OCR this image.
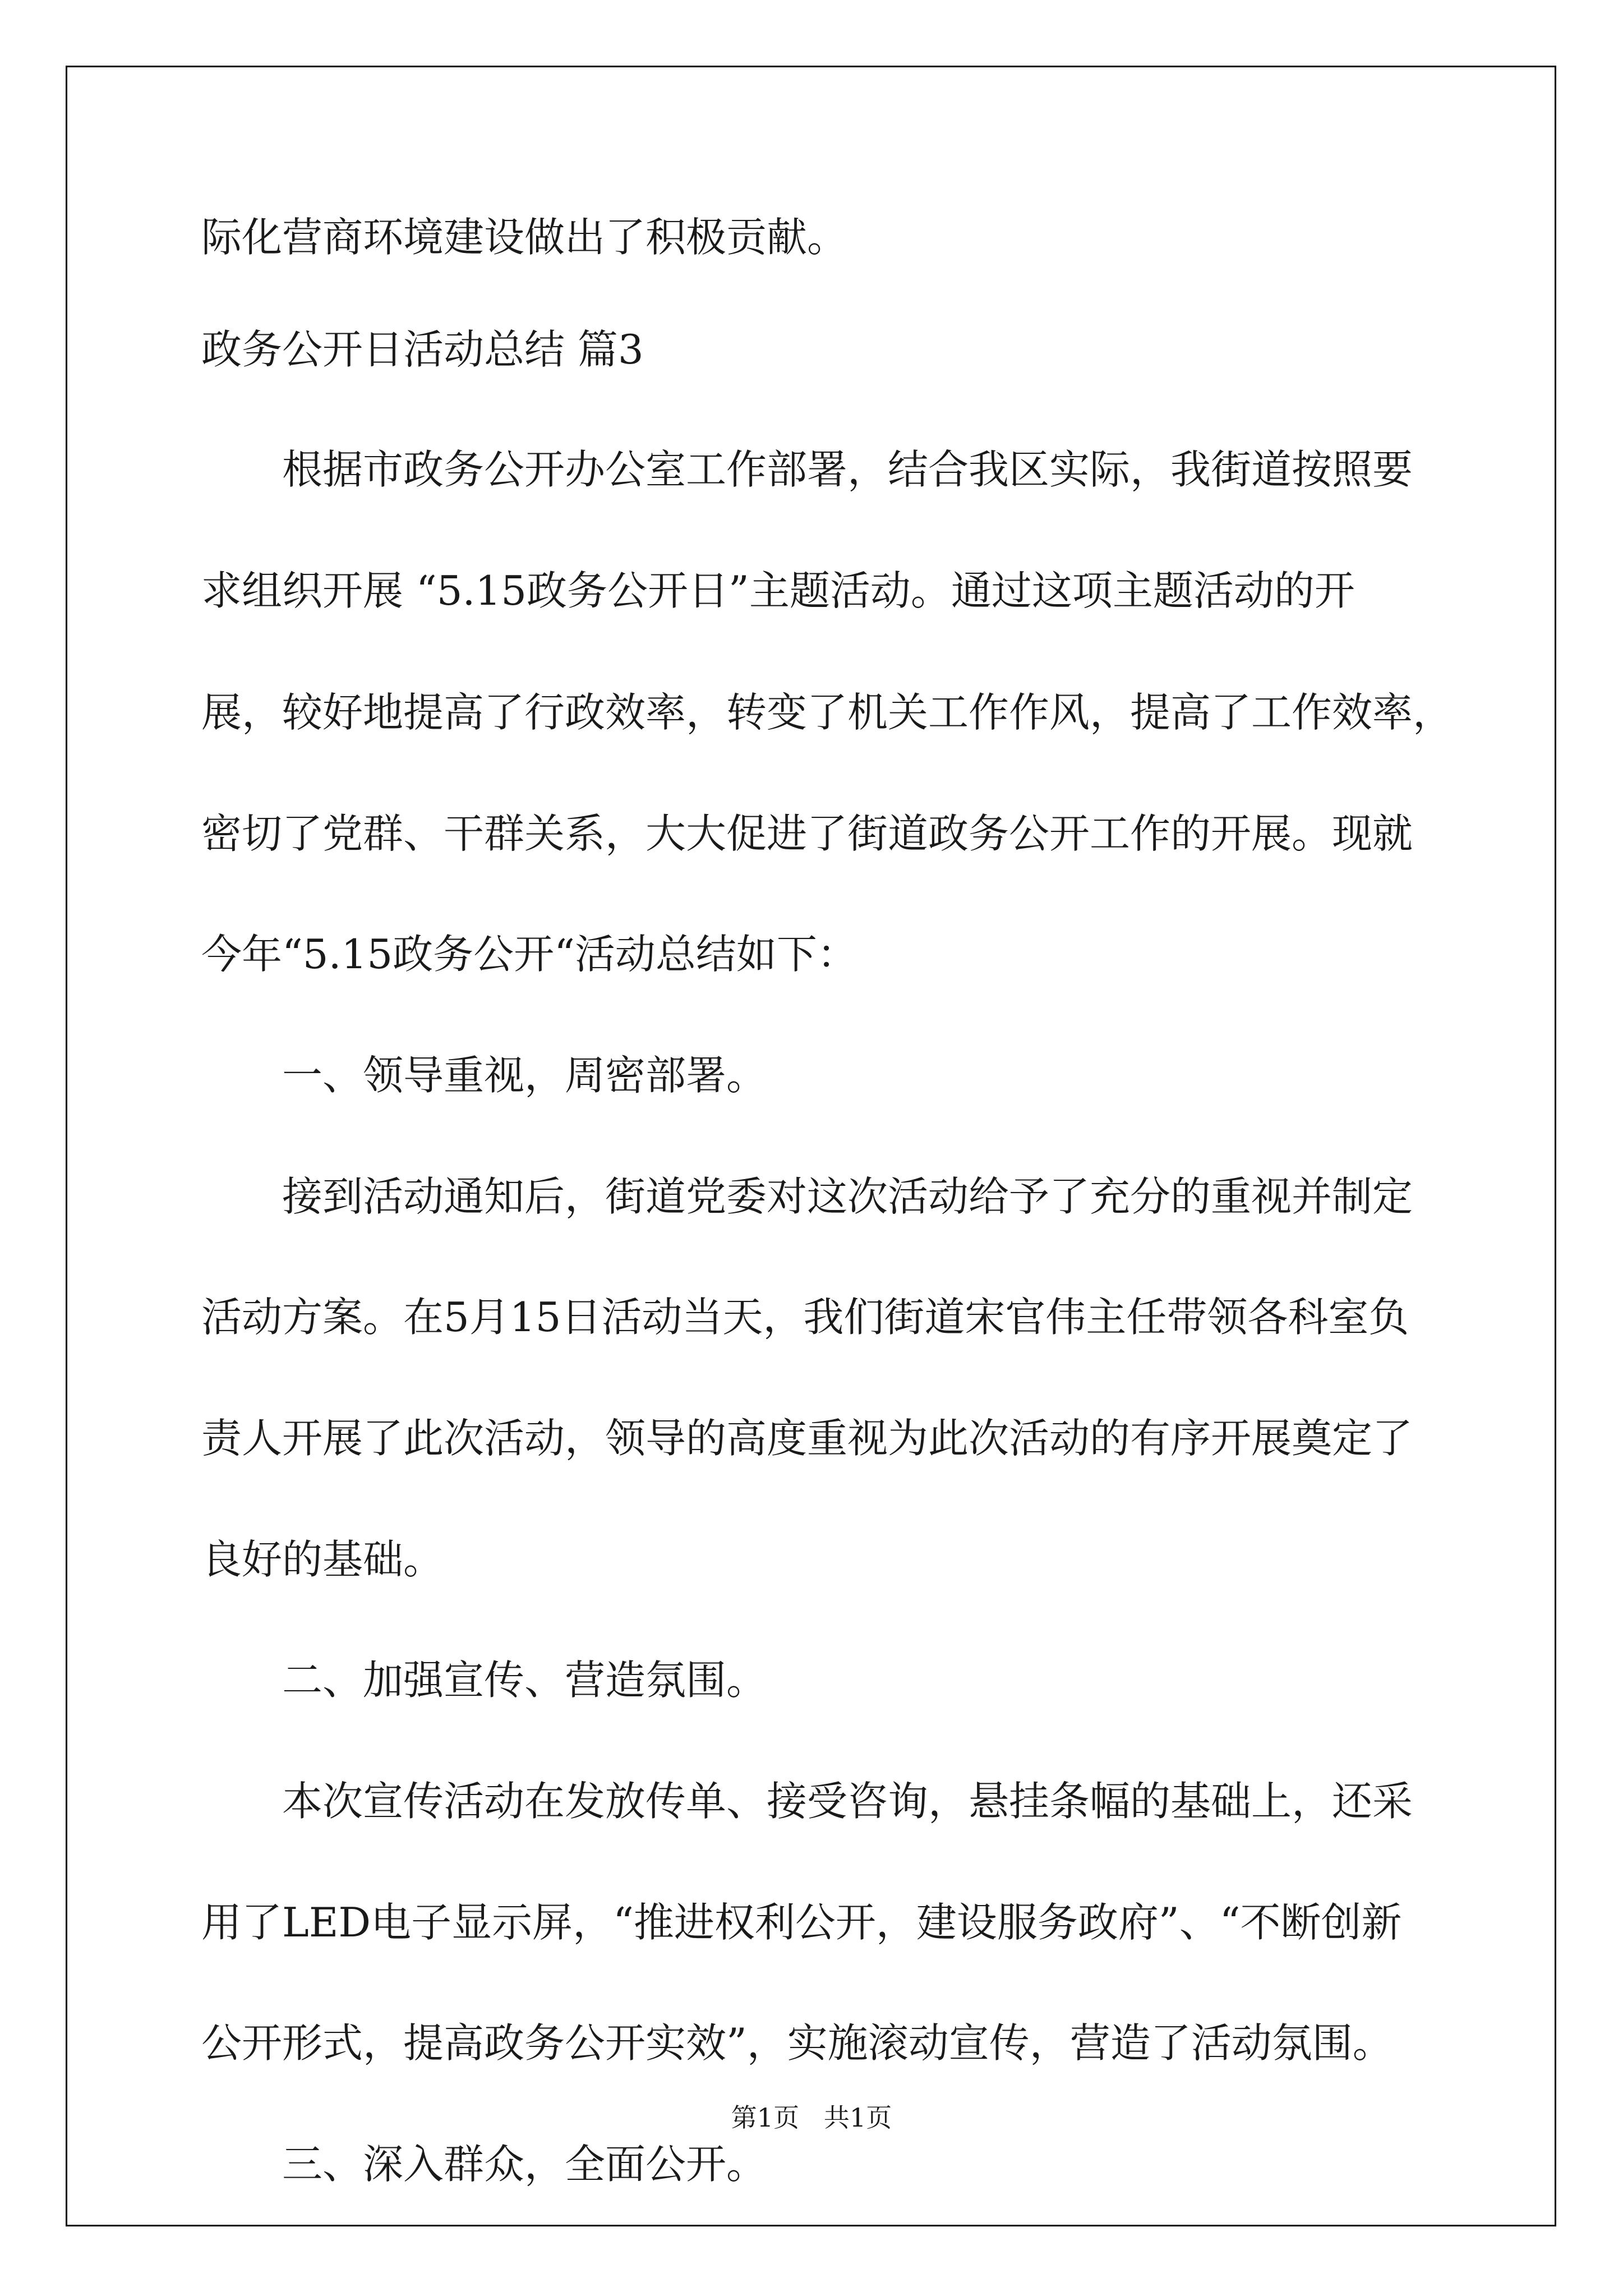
际化营商环境建设做出了积极贡献。
政务公开日活动总结 篇3
根据市政务公开办公室工作部署，结合我区实际，我街道按照要
求组织开展 “5.15政务公开日”主题活动。通过这项主题活动的开
展，较好地提高了行政效率，转变了机关工作作风，提高了工作效率，
密切了党群、干群关系，大大促进了街道政务公开工作的开展。现就
今年“5.15政务公开“活动总结如下：
一、领导重视，周密部署。
接到活动通知后，街道党委对这次活动给予了充分的重视并制定
活动方案。在5月15日活动当天，我们街道宋官伟主任带领各科室负
责人开展了此次活动，领导的高度重视为此次活动的有序开展奠定了
良好的基础。
二、加强宣传、营造氛围。
本次宣传活动在发放传单、接受咨询，悬挂条幅的基础上，还采
用了LED电子显示屏，“推进权利公开，建设服务政府”、“不断创新
公开形式，提高政务公开实效”，实施滚动宣传，营造了活动氛围。
三、深入群众，全面公开。
第1页   共1页
